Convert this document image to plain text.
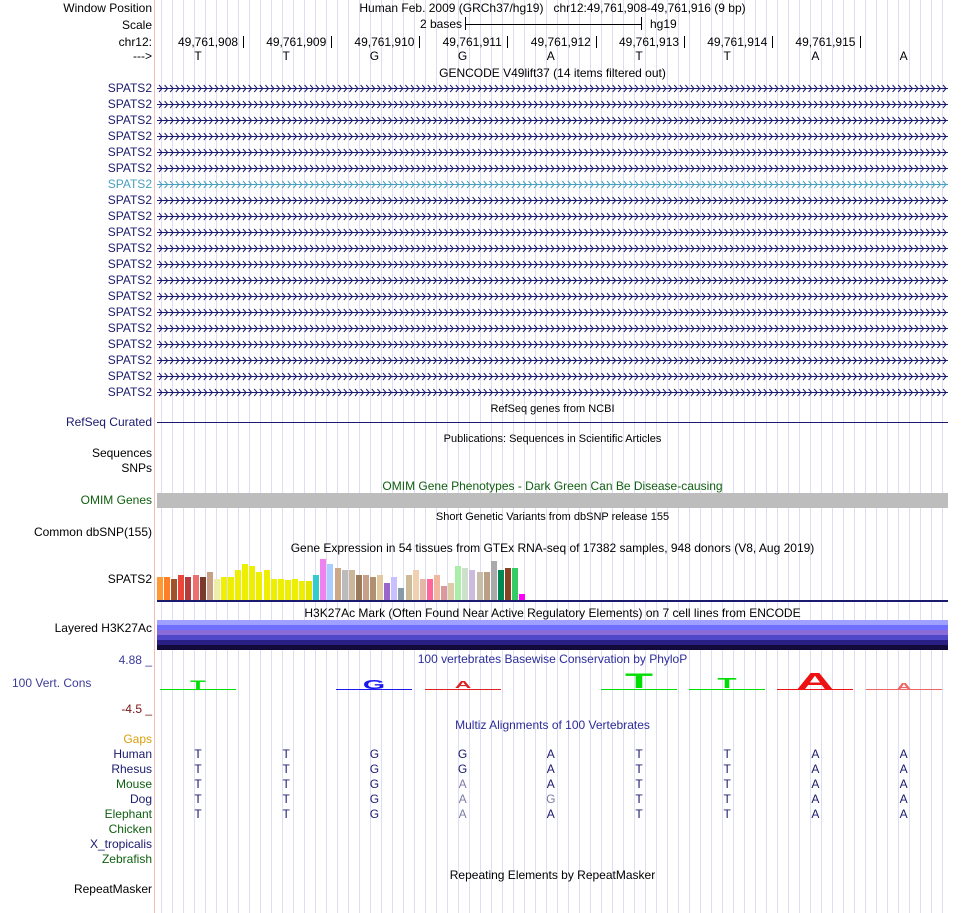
Window Position	Human Feb. 2009 (GRCh37/hg19)   chr12:49,761,908-49,761,916 (9 bp)
Scale	2 bases	hg19
chr12: 49,761,908 49,761,909 49,761,910 49,761,911 49,761,912 49,761,913 49,761,914 49,761,915
--->	T	T	G	G	A	T	T	A	A
GENCODE V49lift37 (14 items filtered out)
SPATS2
SPATS2
SPATS2
SPATS2
SPATS2
SPATS2
SPATS2
SPATS2
SPATS2
SPATS2
SPATS2
SPATS2
SPATS2
SPATS2
SPATS2
SPATS2
SPATS2
SPATS2
SPATS2
SPATS2
RefSeq genes from NCBI
RefSeq Curated
Publications: Sequences in Scientific Articles
Sequences
SNPs
OMIM Gene Phenotypes - Dark Green Can Be Disease-causing
OMIM Genes
Short Genetic Variants from dbSNP release 155
Common dbSNP(155)
Gene Expression in 54 tissues from GTEx RNA-seq of 17382 samples, 948 donors (V8, Aug 2019)
SPATS2
H3K27Ac Mark (Often Found Near Active Regulatory Elements) on 7 cell lines from ENCODE
Layered H3K27Ac
100 vertebrates Basewise Conservation by PhyloP
4.88 _
100 Vert. Cons
-4.5 _
T	G	A	T	T	A	A
Multiz Alignments of 100 Vertebrates
Gaps
Human	T	T	G	G	A	T	T	A	A
Rhesus	T	T	G	G	A	T	T	A	A
Mouse	T	T	G	A	A	T	T	A	A
Dog	T	T	G	A	G	T	T	A	A
Elephant	T	T	G	A	A	T	T	A	A
Chicken
X_tropicalis
Zebrafish
Repeating Elements by RepeatMasker
RepeatMasker
